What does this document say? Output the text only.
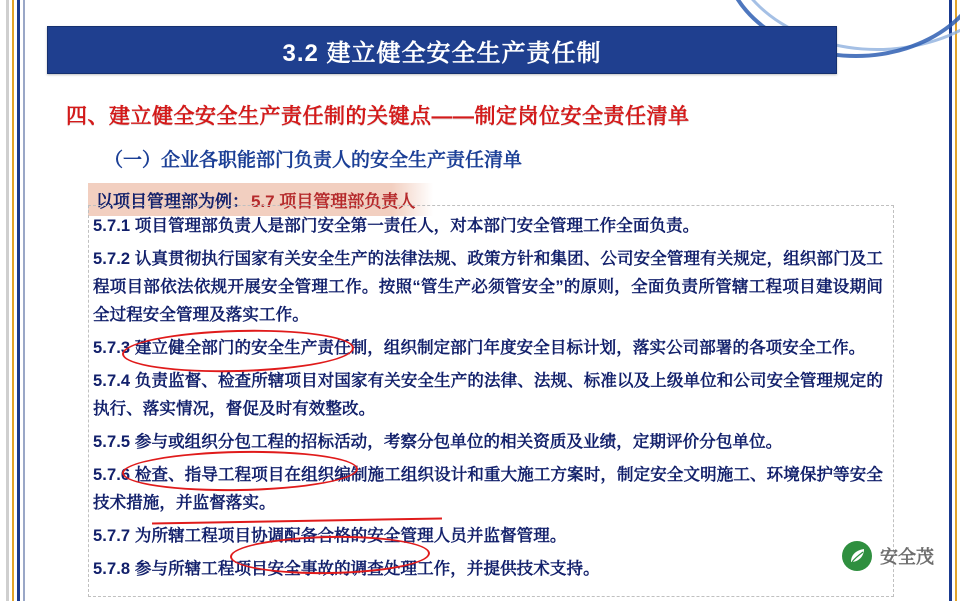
3.2 建立健全安全生产责任制
四、建立健全安全生产责任制的关键点——制定岗位安全责任清单
（一）企业各职能部门负责人的安全生产责任清单
以项目管理部为例： 5.7 项目管理部负责人

5.7.1 项目管理部负责人是部门安全第一责任人，对本部门安全管理工作全面负责。

5.7.2 认真贯彻执行国家有关安全生产的法律法规、政策方针和集团、公司安全管理有关规定，组织部门及工程项目部依法依规开展安全管理工作。按照“管生产必须管安全”的原则，全面负责所管辖工程项目建设期间全过程安全管理及落实工作。

5.7.3 建立健全部门的安全生产责任制，组织制定部门年度安全目标计划，落实公司部署的各项安全工作。

5.7.4 负责监督、检查所辖项目对国家有关安全生产的法律、法规、标准以及上级单位和公司安全管理规定的执行、落实情况，督促及时有效整改。

5.7.5 参与或组织分包工程的招标活动，考察分包单位的相关资质及业绩，定期评价分包单位。

5.7.6 检查、指导工程项目在组织编制施工组织设计和重大施工方案时，制定安全文明施工、环境保护等安全技术措施，并监督落实。

5.7.7 为所辖工程项目协调配备合格的安全管理人员并监督管理。

5.7.8 参与所辖工程项目安全事故的调查处理工作，并提供技术支持。

安全茂
